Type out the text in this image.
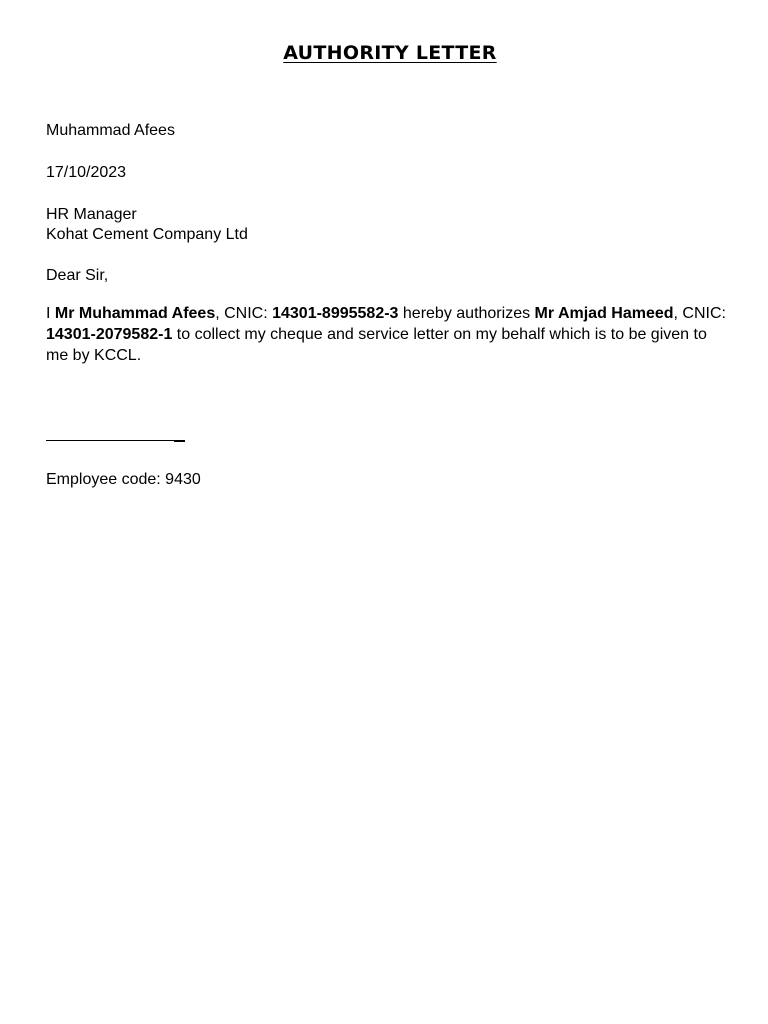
AUTHORITY LETTER
Muhammad Afees
17/10/2023
HR Manager
Kohat Cement Company Ltd
Dear Sir,
I Mr Muhammad Afees, CNIC: 14301-8995582-3 hereby authorizes Mr Amjad Hameed, CNIC: 14301-2079582-1 to collect my cheque and service letter on my behalf which is to be given to me by KCCL.
Employee code: 9430
